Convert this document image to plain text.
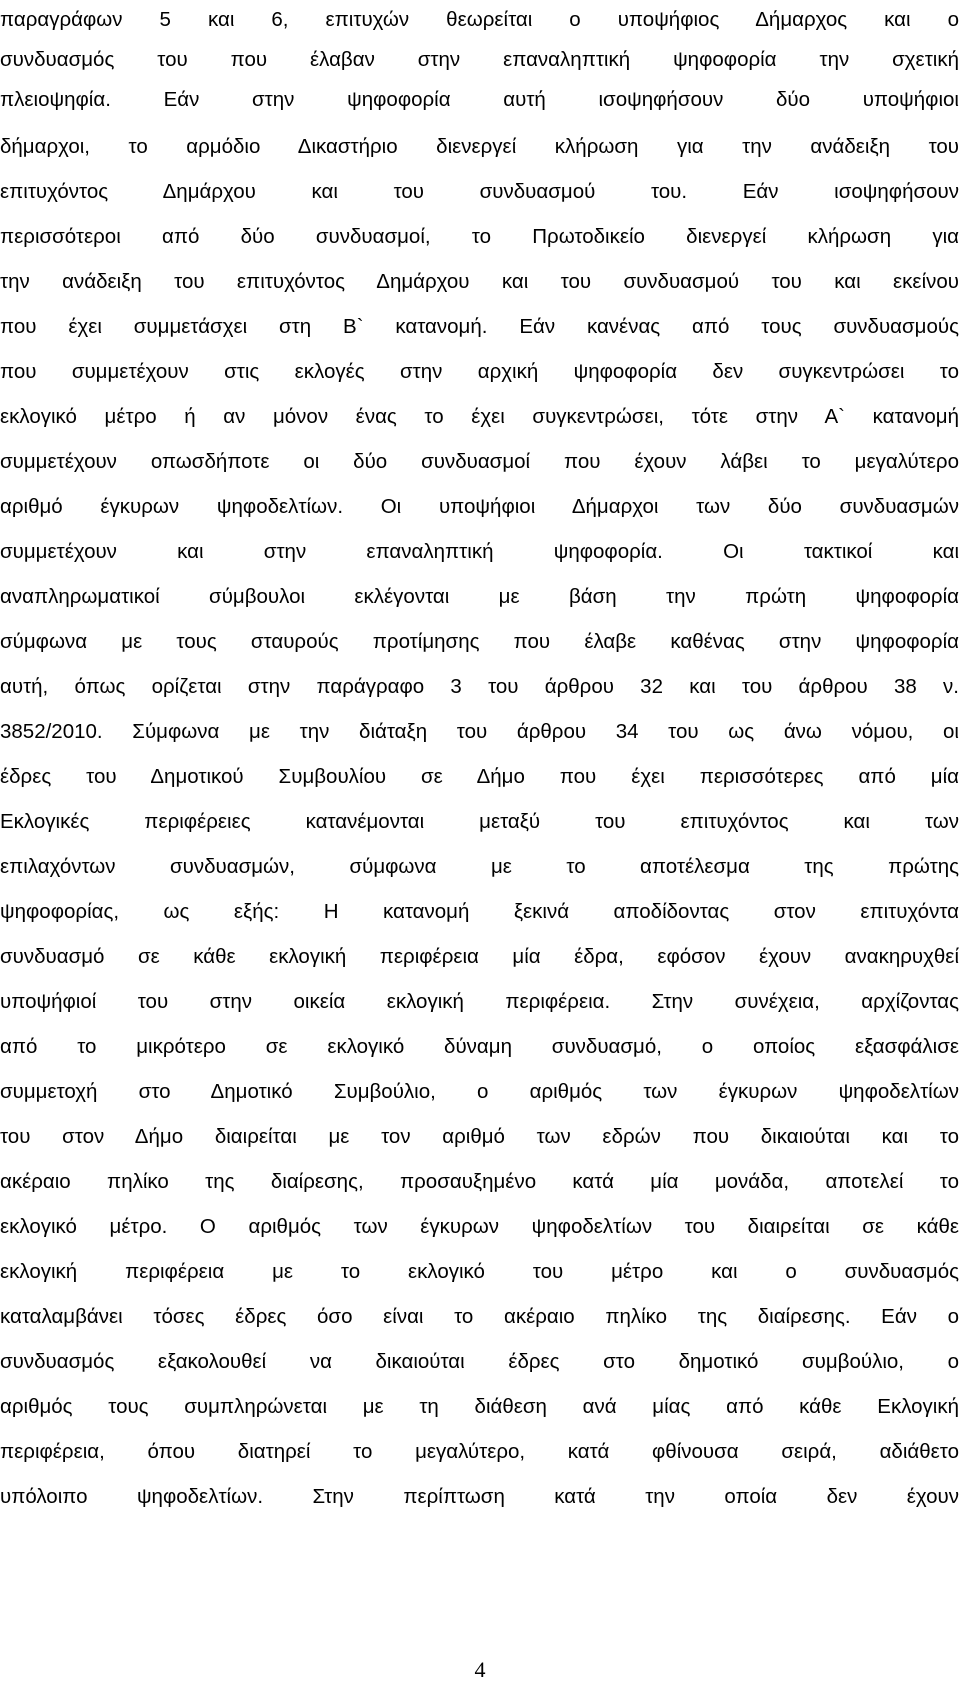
παραγράφων 5 και 6, επιτυχών θεωρείται ο υποψήφιος Δήμαρχος και ο
συνδυασμός του που έλαβαν στην επαναληπτική ψηφοφορία την σχετική
πλειοψηφία. Εάν στην ψηφοφορία αυτή ισοψηφήσουν δύο υποψήφιοι
δήμαρχοι, το αρμόδιο Δικαστήριο διενεργεί κλήρωση για την ανάδειξη του
επιτυχόντος Δημάρχου και του συνδυασμού του. Εάν ισοψηφήσουν
περισσότεροι από δύο συνδυασμοί, το Πρωτοδικείο διενεργεί κλήρωση για
την ανάδειξη του επιτυχόντος Δημάρχου και του συνδυασμού του και εκείνου
που έχει συμμετάσχει στη Β` κατανομή. Εάν κανένας από τους συνδυασμούς
που συμμετέχουν στις εκλογές στην αρχική ψηφοφορία δεν συγκεντρώσει το
εκλογικό μέτρο ή αν μόνον ένας το έχει συγκεντρώσει, τότε στην Α` κατανομή
συμμετέχουν οπωσδήποτε οι δύο συνδυασμοί που έχουν λάβει το μεγαλύτερο
αριθμό έγκυρων ψηφοδελτίων. Οι υποψήφιοι Δήμαρχοι των δύο συνδυασμών
συμμετέχουν και στην επαναληπτική ψηφοφορία. Οι τακτικοί και
αναπληρωματικοί σύμβουλοι εκλέγονται με βάση την πρώτη ψηφοφορία
σύμφωνα με τους σταυρούς προτίμησης που έλαβε καθένας στην ψηφοφορία
αυτή, όπως ορίζεται στην παράγραφο 3 του άρθρου 32 και του άρθρου 38 ν.
3852/2010. Σύμφωνα με την διάταξη του άρθρου 34 του ως άνω νόμου, οι
έδρες του Δημοτικού Συμβουλίου σε Δήμο που έχει περισσότερες από μία
Εκλογικές περιφέρειες κατανέμονται μεταξύ του επιτυχόντος και των
επιλαχόντων συνδυασμών, σύμφωνα με το αποτέλεσμα της πρώτης
ψηφοφορίας, ως εξής: Η κατανομή ξεκινά αποδίδοντας στον επιτυχόντα
συνδυασμό σε κάθε εκλογική περιφέρεια μία έδρα, εφόσον έχουν ανακηρυχθεί
υποψήφιοί του στην οικεία εκλογική περιφέρεια. Στην συνέχεια, αρχίζοντας
από το μικρότερο σε εκλογικό δύναμη συνδυασμό, ο οποίος εξασφάλισε
συμμετοχή στο Δημοτικό Συμβούλιο, ο αριθμός των έγκυρων ψηφοδελτίων
του στον Δήμο διαιρείται με τον αριθμό των εδρών που δικαιούται και το
ακέραιο πηλίκο της διαίρεσης, προσαυξημένο κατά μία μονάδα, αποτελεί το
εκλογικό μέτρο. Ο αριθμός των έγκυρων ψηφοδελτίων του διαιρείται σε κάθε
εκλογική περιφέρεια με το εκλογικό του μέτρο και ο συνδυασμός
καταλαμβάνει τόσες έδρες όσο είναι το ακέραιο πηλίκο της διαίρεσης. Εάν ο
συνδυασμός εξακολουθεί να δικαιούται έδρες στο δημοτικό συμβούλιο, ο
αριθμός τους συμπληρώνεται με τη διάθεση ανά μίας από κάθε Εκλογική
περιφέρεια, όπου διατηρεί το μεγαλύτερο, κατά φθίνουσα σειρά, αδιάθετο
υπόλοιπο ψηφοδελτίων. Στην περίπτωση κατά την οποία δεν έχουν
4
